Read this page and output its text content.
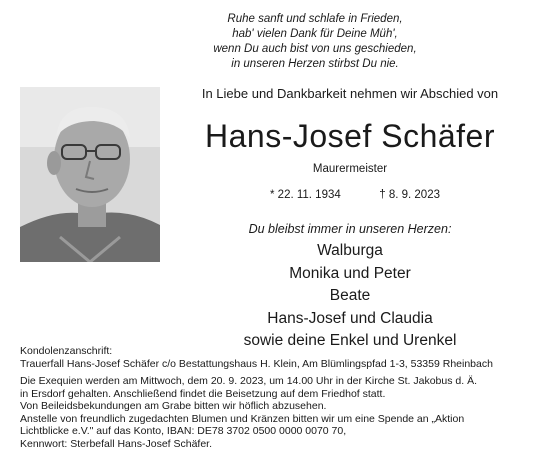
Ruhe sanft und schlafe in Frieden,
hab' vielen Dank für Deine Müh',
wenn Du auch bist von uns geschieden,
in unseren Herzen stirbst Du nie.
In Liebe und Dankbarkeit nehmen wir Abschied von
Hans-Josef Schäfer
Maurermeister
* 22. 11. 1934	† 8. 9. 2023
Du bleibst immer in unseren Herzen:
Walburga
Monika und Peter
Beate
Hans-Josef und Claudia
sowie deine Enkel und Urenkel
Kondolenzanschrift:
Trauerfall Hans-Josef Schäfer c/o Bestattungshaus H. Klein, Am Blümlingspfad 1-3, 53359 Rheinbach
Die Exequien werden am Mittwoch, dem 20. 9. 2023, um 14.00 Uhr in der Kirche St. Jakobus d. Ä.
in Ersdorf gehalten. Anschließend findet die Beisetzung auf dem Friedhof statt.
Von Beileidsbekundungen am Grabe bitten wir höflich abzusehen.
Anstelle von freundlich zugedachten Blumen und Kränzen bitten wir um eine Spende an „Aktion
Lichtblicke e.V." auf das Konto, IBAN: DE78 3702 0500 0000 0070 70,
Kennwort: Sterbefall Hans-Josef Schäfer.
